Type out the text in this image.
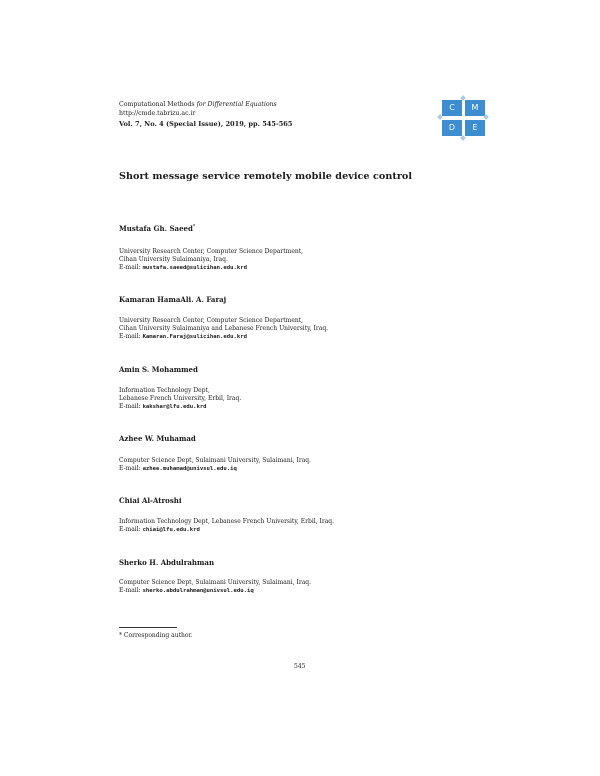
Computational Methods for Differential Equations
http://cmde.tabrizu.ac.ir
Vol. 7, No. 4 (Special Issue), 2019, pp. 545-565
C	M
D	E
Short message service remotely mobile device control
Mustafa Gh. Saeed*
University Research Center, Computer Science Department,
Cihan University Sulaimaniya, Iraq.
E-mail: mustafa.saeed@sulicihan.edu.krd
Kamaran HamaAli. A. Faraj
University Research Center, Computer Science Department,
Cihan University Sulaimaniya and Lebanese French University, Iraq.
E-mail: Kamaran.Faraj@sulicihan.edu.krd
Amin S. Mohammed
Information Technology Dept,
Lebanese French University, Erbil, Iraq.
E-mail: kakshar@lfu.edu.krd
Azhee W. Muhamad
Computer Science Dept, Sulaimani University, Sulaimani, Iraq.
E-mail: azhee.muhamad@univsul.edu.iq
Chiai Al-Atroshi
Information Technology Dept, Lebanese French University, Erbil, Iraq.
E-mail: chiai@lfu.edu.krd
Sherko H. Abdulrahman
Computer Science Dept, Sulaimani University, Sulaimani, Iraq.
E-mail: sherko.abdulrahman@univsul.edu.iq
* Corresponding author.
545
